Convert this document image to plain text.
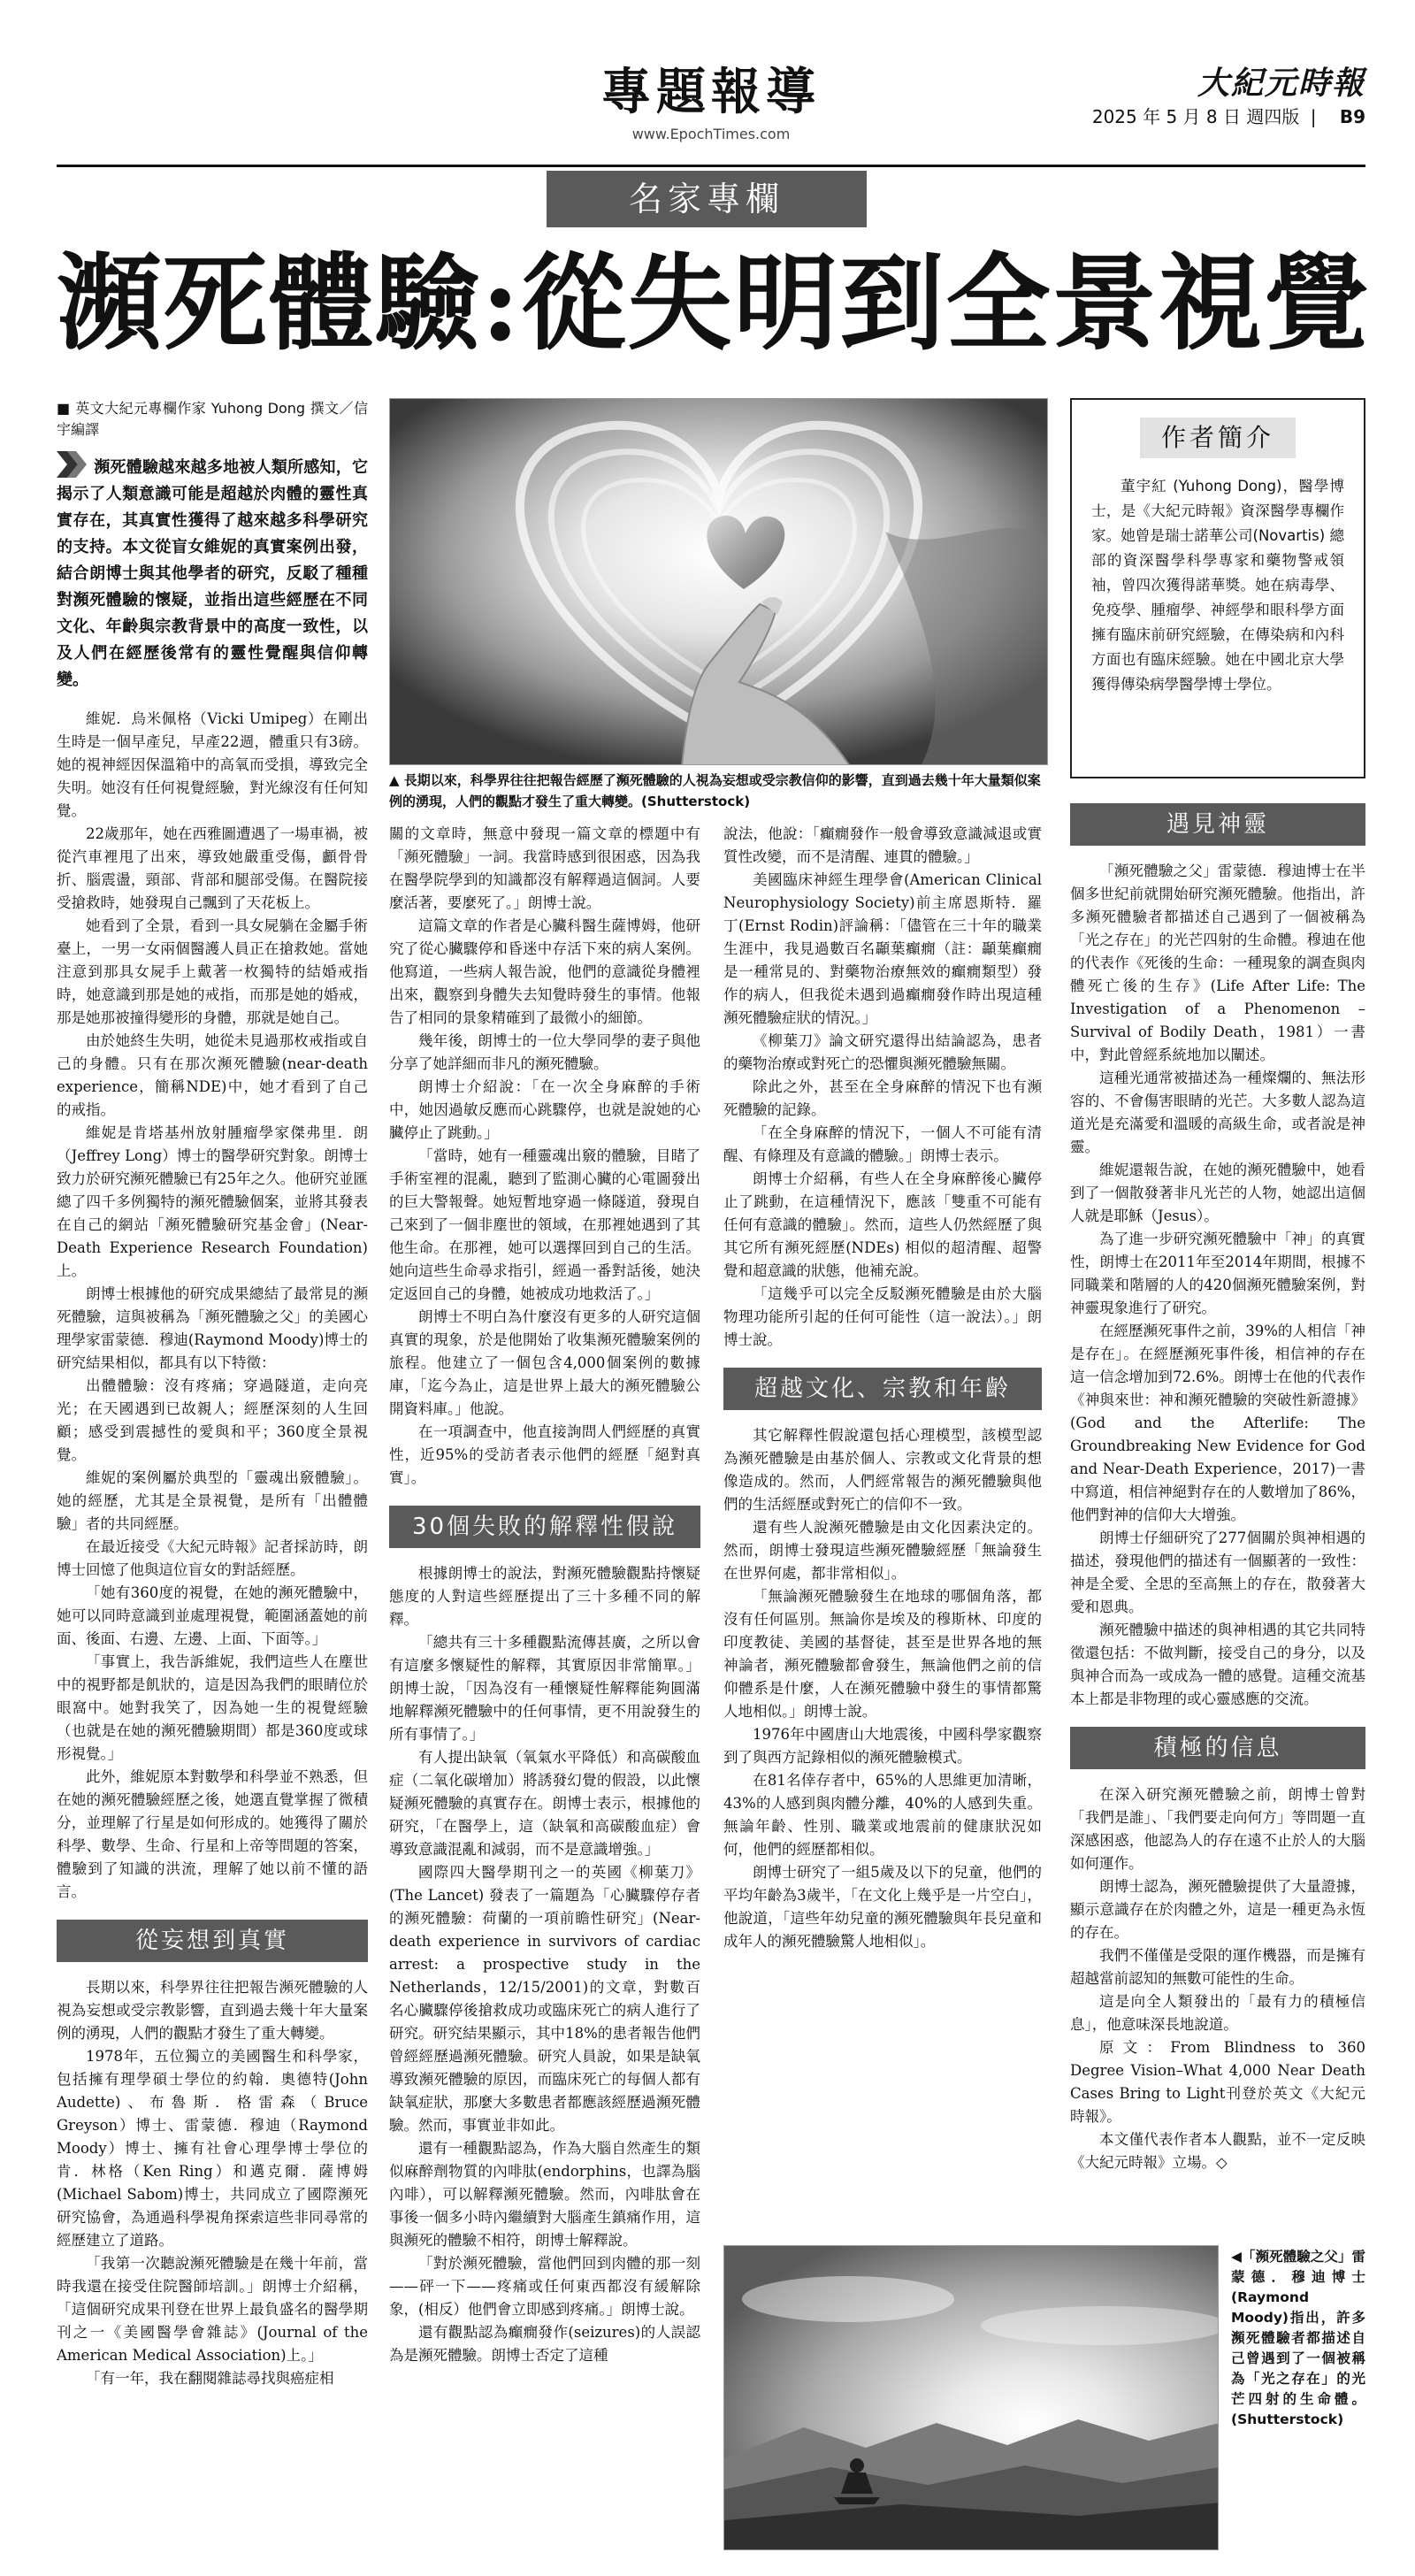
專題報導
www.EpochTimes.com
大紀元時報
2025 年 5 月 8 日 週四版 | B9
名家專欄
瀕死體驗:從失明到全景視覺
■ 英文大紀元專欄作家 Yuhong Dong 撰文／信宇編譯
瀕死體驗越來越多地被人類所感知，它揭示了人類意識可能是超越於肉體的靈性真實存在，其真實性獲得了越來越多科學研究的支持。本文從盲女維妮的真實案例出發，結合朗博士與其他學者的研究，反駁了種種對瀕死體驗的懷疑，並指出這些經歷在不同文化、年齡與宗教背景中的高度一致性，以及人們在經歷後常有的靈性覺醒與信仰轉變。

維妮．烏米佩格（Vicki Umipeg）在剛出生時是一個早產兒，早產22週，體重只有3磅。她的視神經因保溫箱中的高氧而受損，導致完全失明。她沒有任何視覺經驗，對光線沒有任何知覺。

22歲那年，她在西雅圖遭遇了一場車禍，被從汽車裡甩了出來，導致她嚴重受傷，顱骨骨折、腦震盪，頸部、背部和腿部受傷。在醫院接受搶救時，她發現自己飄到了天花板上。

她看到了全景，看到一具女屍躺在金屬手術臺上，一男一女兩個醫護人員正在搶救她。當她注意到那具女屍手上戴著一枚獨特的結婚戒指時，她意識到那是她的戒指，而那是她的婚戒，那是她那被撞得變形的身體，那就是她自己。

由於她終生失明，她從未見過那枚戒指或自己的身體。只有在那次瀕死體驗(near-death experience，簡稱NDE)中，她才看到了自己的戒指。

維妮是肯塔基州放射腫瘤學家傑弗里．朗（Jeffrey Long）博士的醫學研究對象。朗博士致力於研究瀕死體驗已有25年之久。他研究並匯總了四千多例獨特的瀕死體驗個案，並將其發表在自己的網站「瀕死體驗研究基金會」(Near-Death Experience Research Foundation)上。

朗博士根據他的研究成果總結了最常見的瀕死體驗，這與被稱為「瀕死體驗之父」的美國心理學家雷蒙德．穆迪(Raymond Moody)博士的研究結果相似，都具有以下特徵：

出體體驗：沒有疼痛；穿過隧道，走向亮光；在天國遇到已故親人；經歷深刻的人生回顧；感受到震撼性的愛與和平；360度全景視覺。

維妮的案例屬於典型的「靈魂出竅體驗」。她的經歷，尤其是全景視覺，是所有「出體體驗」者的共同經歷。

在最近接受《大紀元時報》記者採訪時，朗博士回憶了他與這位盲女的對話經歷。

「她有360度的視覺，在她的瀕死體驗中，她可以同時意識到並處理視覺，範圍涵蓋她的前面、後面、右邊、左邊、上面、下面等。」

「事實上，我告訴維妮，我們這些人在塵世中的視野都是飢狀的，這是因為我們的眼睛位於眼窩中。她對我笑了，因為她一生的視覺經驗（也就是在她的瀕死體驗期間）都是360度或球形視覺。」

此外，維妮原本對數學和科學並不熟悉，但在她的瀕死體驗經歷之後，她選直覺掌握了微積分，並理解了行星是如何形成的。她獲得了關於科學、數學、生命、行星和上帝等問題的答案，體驗到了知識的洪流，理解了她以前不懂的語言。

從妄想到真實

長期以來，科學界往往把報告瀕死體驗的人視為妄想或受宗教影響，直到過去幾十年大量案例的湧現，人們的觀點才發生了重大轉變。

1978年，五位獨立的美國醫生和科學家，包括擁有理學碩士學位的約翰．奧德特(John Audette)、布魯斯．格雷森（Bruce Greyson）博士、雷蒙德．穆迪（Raymond Moody）博士、擁有社會心理學博士學位的肯．林格（Ken Ring）和邁克爾．薩博姆(Michael Sabom)博士，共同成立了國際瀕死研究協會，為通過科學視角探索這些非同尋常的經歷建立了道路。

「我第一次聽說瀕死體驗是在幾十年前，當時我還在接受住院醫師培訓。」朗博士介紹稱，「這個研究成果刊登在世界上最負盛名的醫學期刊之一《美國醫學會雜誌》(Journal of the American Medical Association)上。」

「有一年，我在翻閱雜誌尋找與癌症相

▲ 長期以來，科學界往往把報告經歷了瀕死體驗的人視為妄想或受宗教信仰的影響，直到過去幾十年大量類似案例的湧現，人們的觀點才發生了重大轉變。(Shutterstock)

關的文章時，無意中發現一篇文章的標題中有「瀕死體驗」一詞。我當時感到很困惑，因為我在醫學院學到的知識都沒有解釋過這個詞。人要麼活著，要麼死了。」朗博士說。

這篇文章的作者是心臟科醫生薩博姆，他研究了從心臟驟停和昏迷中存活下來的病人案例。他寫道，一些病人報告說，他們的意識從身體裡出來，觀察到身體失去知覺時發生的事情。他報告了相同的景象精確到了最微小的細節。

幾年後，朗博士的一位大學同學的妻子與他分享了她詳細而非凡的瀕死體驗。

朗博士介紹說：「在一次全身麻醉的手術中，她因過敏反應而心跳驟停，也就是說她的心臟停止了跳動。」

「當時，她有一種靈魂出竅的體驗，目睹了手術室裡的混亂，聽到了監測心臟的心電圖發出的巨大警報聲。她短暫地穿過一條隧道，發現自己來到了一個非塵世的領域，在那裡她遇到了其他生命。在那裡，她可以選擇回到自己的生活。她向這些生命尋求指引，經過一番對話後，她決定返回自己的身體，她被成功地救活了。」

朗博士不明白為什麼沒有更多的人研究這個真實的現象，於是他開始了收集瀕死體驗案例的旅程。他建立了一個包含4,000個案例的數據庫，「迄今為止，這是世界上最大的瀕死體驗公開資料庫。」他說。

在一項調查中，他直接詢問人們經歷的真實性，近95%的受訪者表示他們的經歷「絕對真實」。

30個失敗的解釋性假說

根據朗博士的說法，對瀕死體驗觀點持懷疑態度的人對這些經歷提出了三十多種不同的解釋。

「總共有三十多種觀點流傳甚廣，之所以會有這麼多懷疑性的解釋，其實原因非常簡單。」朗博士說，「因為沒有一種懷疑性解釋能夠圓滿地解釋瀕死體驗中的任何事情，更不用說發生的所有事情了。」

有人提出缺氧（氧氣水平降低）和高碳酸血症（二氧化碳增加）將誘發幻覺的假設，以此懷疑瀕死體驗的真實存在。朗博士表示，根據他的研究，「在醫學上，這（缺氧和高碳酸血症）會導致意識混亂和減弱，而不是意識增強。」

國際四大醫學期刊之一的英國《柳葉刀》(The Lancet) 發表了一篇題為「心臟驟停存者的瀕死體驗：荷蘭的一項前瞻性研究」(Near-death experience in survivors of cardiac arrest: a prospective study in the Netherlands，12/15/2001)的文章，對數百名心臟驟停後搶救成功或臨床死亡的病人進行了研究。研究結果顯示，其中18%的患者報告他們曾經經歷過瀕死體驗。研究人員說，如果是缺氧導致瀕死體驗的原因，而臨床死亡的每個人都有缺氧症狀，那麼大多數患者都應該經歷過瀕死體驗。然而，事實並非如此。

還有一種觀點認為，作為大腦自然產生的類似麻醉劑物質的內啡肽(endorphins，也譯為腦內啡），可以解釋瀕死體驗。然而，內啡肽會在事後一個多小時內繼續對大腦產生鎮痛作用，這與瀕死的體驗不相符，朗博士解釋說。

「對於瀕死體驗，當他們回到肉體的那一刻——砰一下——疼痛或任何東西都沒有緩解除象，(相反）他們會立即感到疼痛。」朗博士說。

還有觀點認為癲癇發作(seizures)的人誤認為是瀕死體驗。朗博士否定了這種

說法，他說：「癲癇發作一般會導致意識減退或實質性改變，而不是清醒、連貫的體驗。」

美國臨床神經生理學會(American Clinical Neurophysiology Society)前主席恩斯特．羅丁(Ernst Rodin)評論稱：「儘管在三十年的職業生涯中，我見過數百名顳葉癲癇（註：顳葉癲癇是一種常見的、對藥物治療無效的癲癇類型）發作的病人，但我從未遇到過癲癇發作時出現這種瀕死體驗症狀的情況。」

《柳葉刀》論文研究還得出結論認為，患者的藥物治療或對死亡的恐懼與瀕死體驗無關。

除此之外，甚至在全身麻醉的情況下也有瀕死體驗的記錄。

「在全身麻醉的情況下，一個人不可能有清醒、有條理及有意識的體驗。」朗博士表示。

朗博士介紹稱，有些人在全身麻醉後心臟停止了跳動，在這種情況下，應該「雙重不可能有任何有意識的體驗」。然而，這些人仍然經歷了與其它所有瀕死經歷(NDEs) 相似的超清醒、超警覺和超意識的狀態，他補充說。

「這幾乎可以完全反駁瀕死體驗是由於大腦物理功能所引起的任何可能性（這一說法）。」朗博士說。

超越文化、宗教和年齡

其它解釋性假說還包括心理模型，該模型認為瀕死體驗是由基於個人、宗教或文化背景的想像造成的。然而，人們經常報告的瀕死體驗與他們的生活經歷或對死亡的信仰不一致。

還有些人說瀕死體驗是由文化因素決定的。然而，朗博士發現這些瀕死體驗經歷「無論發生在世界何處，都非常相似」。

「無論瀕死體驗發生在地球的哪個角落，都沒有任何區別。無論你是埃及的穆斯林、印度的印度教徒、美國的基督徒，甚至是世界各地的無神論者，瀕死體驗都會發生，無論他們之前的信仰體系是什麼，人在瀕死體驗中發生的事情都驚人地相似。」朗博士說。

1976年中國唐山大地震後，中國科學家觀察到了與西方記錄相似的瀕死體驗模式。

在81名倖存者中，65%的人思維更加清晰，43%的人感到與肉體分離，40%的人感到失重。無論年齡、性別、職業或地震前的健康狀況如何，他們的經歷都相似。

朗博士研究了一組5歲及以下的兒童，他們的平均年齡為3歲半，「在文化上幾乎是一片空白」，他說道，「這些年幼兒童的瀕死體驗與年長兒童和成年人的瀕死體驗驚人地相似」。

作者簡介
董宇紅 (Yuhong Dong)，醫學博士，是《大紀元時報》資深醫學專欄作家。她曾是瑞士諾華公司(Novartis) 總部的資深醫學科學專家和藥物警戒領袖，曾四次獲得諾華獎。她在病毒學、免疫學、腫瘤學、神經學和眼科學方面擁有臨床前研究經驗，在傳染病和內科方面也有臨床經驗。她在中國北京大學獲得傳染病學醫學博士學位。
遇見神靈

「瀕死體驗之父」雷蒙德．穆迪博士在半個多世紀前就開始研究瀕死體驗。他指出，許多瀕死體驗者都描述自己遇到了一個被稱為「光之存在」的光芒四射的生命體。穆迪在他的代表作《死後的生命：一種現象的調查與肉體死亡後的生存》(Life After Life: The Investigation of a Phenomenon – Survival of Bodily Death，1981）一書中，對此曾經系統地加以闡述。

這種光通常被描述為一種燦爛的、無法形容的、不會傷害眼睛的光芒。大多數人認為這道光是充滿愛和溫暖的高級生命，或者說是神靈。

維妮還報告說，在她的瀕死體驗中，她看到了一個散發著非凡光芒的人物，她認出這個人就是耶穌（Jesus）。

為了進一步研究瀕死體驗中「神」的真實性，朗博士在2011年至2014年期間，根據不同職業和階層的人的420個瀕死體驗案例，對神靈現象進行了研究。

在經歷瀕死事件之前，39%的人相信「神是存在」。在經歷瀕死事件後，相信神的存在這一信念增加到72.6%。朗博士在他的代表作《神與來世：神和瀕死體驗的突破性新證據》(God and the Afterlife: The Groundbreaking New Evidence for God and Near-Death Experience，2017)一書中寫道，相信神絕對存在的人數增加了86%，他們對神的信仰大大增強。

朗博士仔細研究了277個關於與神相遇的描述，發現他們的描述有一個顯著的一致性：神是全愛、全思的至高無上的存在，散發著大愛和恩典。

瀕死體驗中描述的與神相遇的其它共同特徵還包括：不做判斷，接受自己的身分，以及與神合而為一或成為一體的感覺。這種交流基本上都是非物理的或心靈感應的交流。

積極的信息

在深入研究瀕死體驗之前，朗博士曾對「我們是誰」、「我們要走向何方」等問題一直深感困惑，他認為人的存在遠不止於人的大腦如何運作。

朗博士認為，瀕死體驗提供了大量證據，顯示意識存在於肉體之外，這是一種更為永恆的存在。

我們不僅僅是受限的運作機器，而是擁有超越當前認知的無數可能性的生命。

這是向全人類發出的「最有力的積極信息」，他意味深長地說道。

原文：From Blindness to 360 Degree Vision–What 4,000 Near Death Cases Bring to Light刊登於英文《大紀元時報》。

本文僅代表作者本人觀點，並不一定反映《大紀元時報》立場。◇

◀「瀕死體驗之父」雷蒙德．穆迪博士(Raymond Moody)指出，許多瀕死體驗者都描述自己曾遇到了一個被稱為「光之存在」的光芒四射的生命體。(Shutterstock)
